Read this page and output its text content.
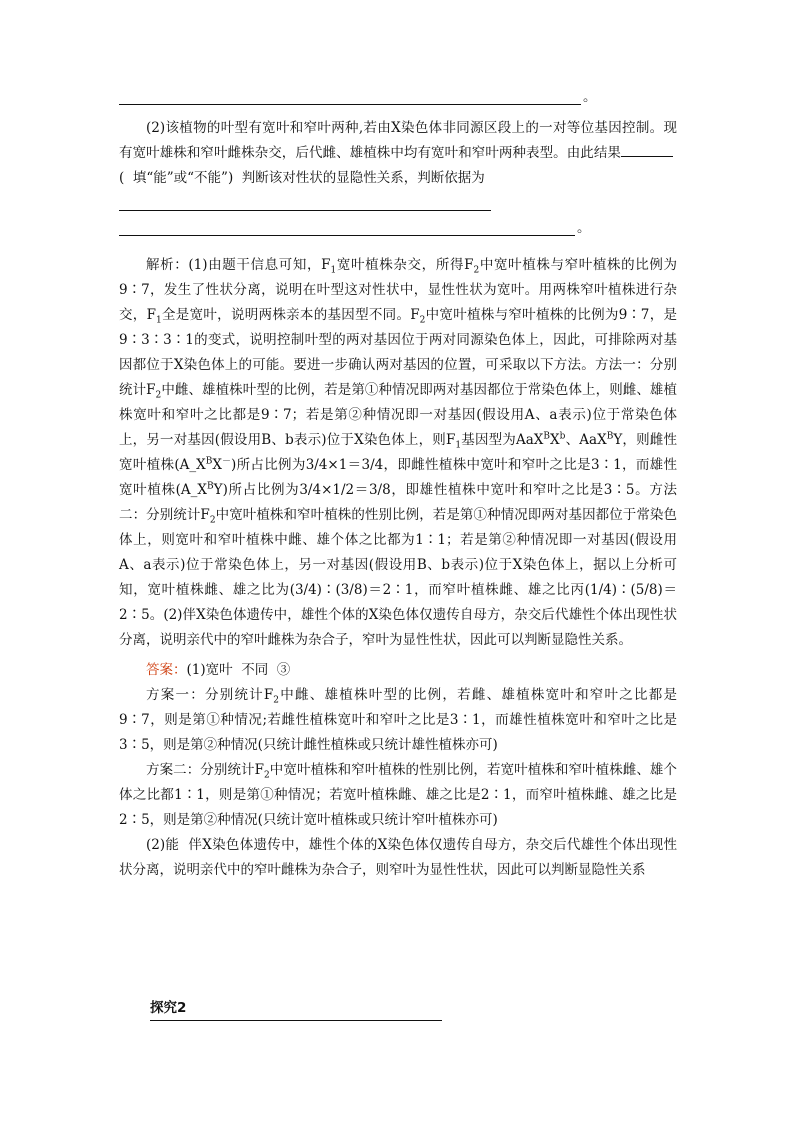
。

(2)该植物的叶型有宽叶和窄叶两种,若由Ⅹ染色体非同源区段上的一对等位基因控制。现有宽叶雄株和窄叶雌株杂交，后代雌、雄植株中均有宽叶和窄叶两种表型。由此结果(  填“能”或“不能”)  判断该对性状的显隐性关系，判断依据为

。

解析：(1)由题干信息可知，$F_1$宽叶植株杂交，所得$F_2$中宽叶植株与窄叶植株的比例为9∶7，发生了性状分离，说明在叶型这对性状中，显性性状为宽叶。用两株窄叶植株进行杂交，$F_1$全是宽叶，说明两株亲本的基因型不同。$F_2$中宽叶植株与窄叶植株的比例为9∶7，是9∶3∶3∶1的变式，说明控制叶型的两对基因位于两对同源染色体上，因此，可排除两对基因都位于X染色体上的可能。要进一步确认两对基因的位置，可采取以下方法。方法一：分别统计$F_2$中雌、雄植株叶型的比例，若是第①种情况即两对基因都位于常染色体上，则雌、雄植株宽叶和窄叶之比都是9∶7；若是第②种情况即一对基因(假设用A、a表示)位于常染色体上，另一对基因(假设用B、b表示)位于X染色体上，则$F_1$基因型为$AaX^BX^b$、AaX$^B$Y，则雌性宽叶植株$(A\_X^BX^-)$所占比例为3/4×1＝3/4，即雌性植株中宽叶和窄叶之比是3∶1，而雄性宽叶植株$(A\_X^BY)$所占比例为3/4×1/2＝3/8，即雄性植株中宽叶和窄叶之比是3∶5。方法二：分别统计$F_2$中宽叶植株和窄叶植株的性别比例，若是第①种情况即两对基因都位于常染色体上，则宽叶和窄叶植株中雌、雄个体之比都为1∶1；若是第②种情况即一对基因(假设用A、a表示)位于常染色体上，另一对基因(假设用B、b表示)位于X染色体上，据以上分析可知，宽叶植株雌、雄之比为(3/4)∶(3/8)＝2∶1，而窄叶植株雌、雄之比丙(1/4)∶(5/8)＝2∶5。(2)伴X染色体遗传中，雄性个体的X染色体仅遗传自母方，杂交后代雄性个体出现性状分离，说明亲代中的窄叶雌株为杂合子，窄叶为显性性状，因此可以判断显隐性关系。

答案：(1)宽叶  不同  ③

方案一：分别统计$F_2$中雌、雄植株叶型的比例，若雌、雄植株宽叶和窄叶之比都是9∶7，则是第①种情况;若雌性植株宽叶和窄叶之比是3∶1，而雄性植株宽叶和窄叶之比是3∶5，则是第②种情况(只统计雌性植株或只统计雄性植株亦可)

方案二：分别统计$F_2$中宽叶植株和窄叶植株的性别比例，若宽叶植株和窄叶植株雌、雄个体之比都1∶1，则是第①种情况；若宽叶植株雌、雄之比是2∶1，而窄叶植株雌、雄之比是2∶5，则是第②种情况(只统计宽叶植株或只统计窄叶植株亦可)

(2)能  伴X染色体遗传中，雄性个体的X染色体仅遗传自母方，杂交后代雄性个体出现性状分离，说明亲代中的窄叶雌株为杂合子，则窄叶为显性性状，因此可以判断显隐性关系

探究2
